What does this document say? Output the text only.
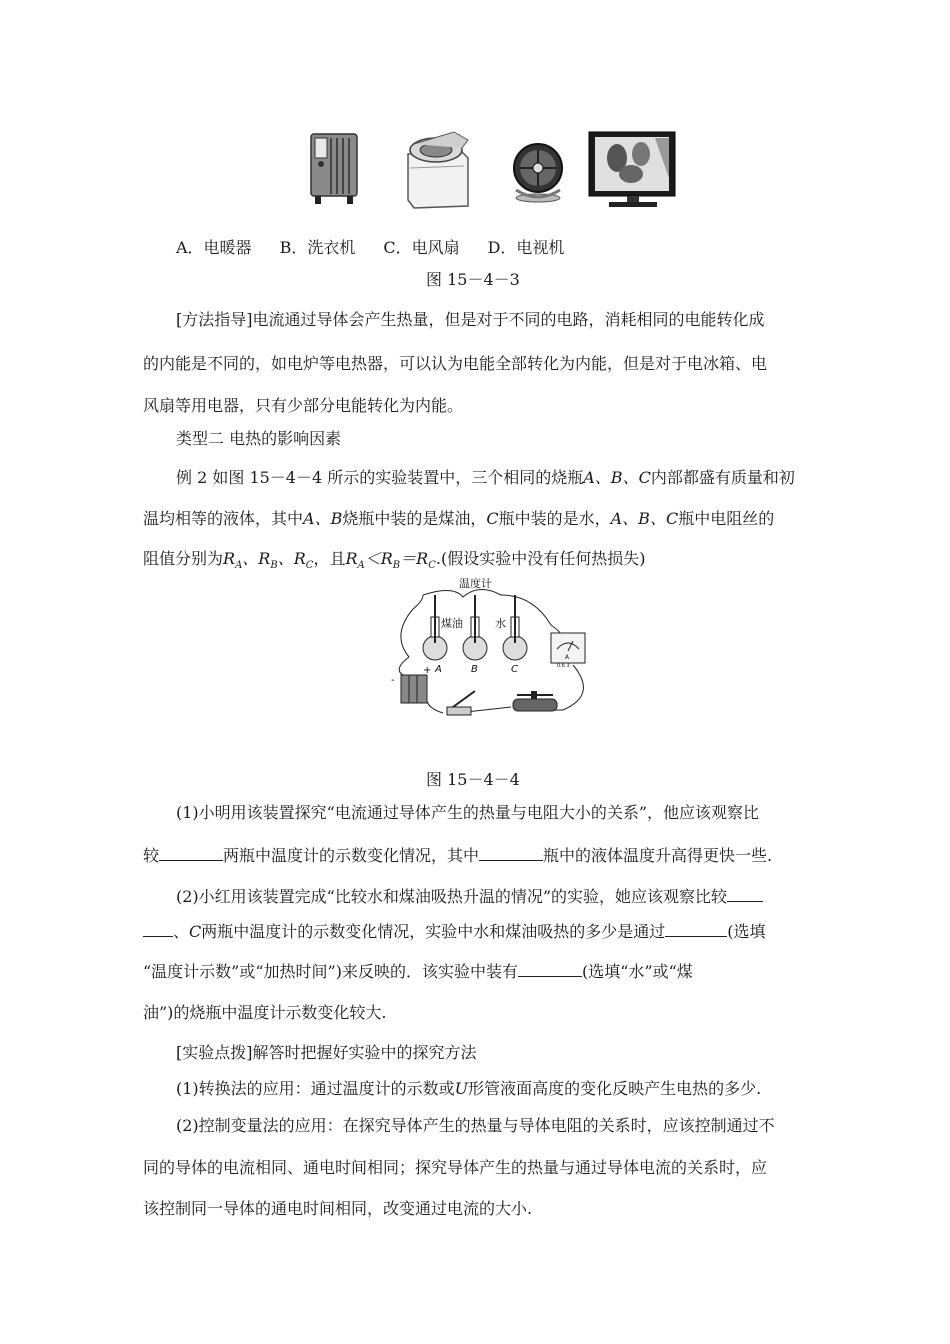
A．电暖器 B．洗衣机 C．电风扇 D．电视机
图 15－4－3
[方法指导]电流通过导体会产生热量，但是对于不同的电路，消耗相同的电能转化成
的内能是不同的，如电炉等电热器，可以认为电能全部转化为内能，但是对于电冰箱、电
风扇等用电器，只有少部分电能转化为内能。
类型二 电热的影响因素
例 2 如图 15－4－4 所示的实验装置中，三个相同的烧瓶A、B、C内部都盛有质量和初
温均相等的液体，其中A、B烧瓶中装的是煤油，C瓶中装的是水，A、B、C瓶中电阻丝的
阻值分别为$R_A$、$R_B$、$R_C$，且$R_A<R_B=R_C$.(假设实验中没有任何热损失)
温度计
煤油	水
A	B	C
A
0.6 3
+
-
图 15－4－4
(1)小明用该装置探究“电流通过导体产生的热量与电阻大小的关系”，他应该观察比
较	两瓶中温度计的示数变化情况，其中	瓶中的液体温度升高得更快一些.
(2)小红用该装置完成“比较水和煤油吸热升温的情况”的实验，她应该观察比较
、C两瓶中温度计的示数变化情况，实验中水和煤油吸热的多少是通过	(选填
“温度计示数”或“加热时间”)来反映的．该实验中装有	(选填“水”或“煤
油”)的烧瓶中温度计示数变化较大.
[实验点拨]解答时把握好实验中的探究方法
(1)转换法的应用：通过温度计的示数或U形管液面高度的变化反映产生电热的多少.
(2)控制变量法的应用：在探究导体产生的热量与导体电阻的关系时，应该控制通过不
同的导体的电流相同、通电时间相同；探究导体产生的热量与通过导体电流的关系时，应
该控制同一导体的通电时间相同，改变通过电流的大小.
